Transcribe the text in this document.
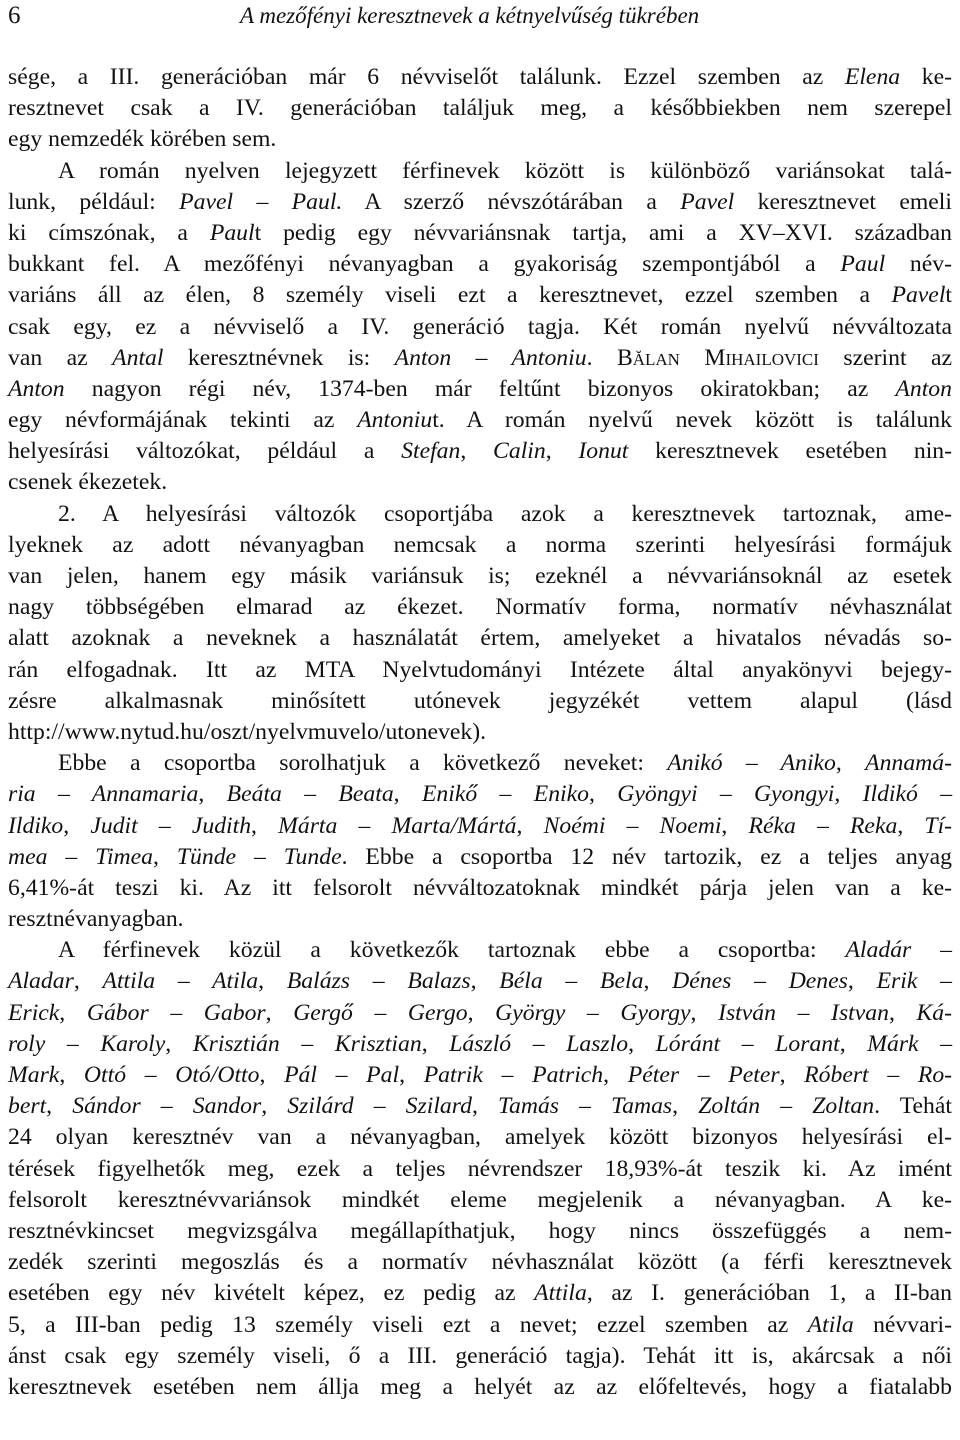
6	A mezőfényi keresztnevek a kétnyelvűség tükrében
sége, a III. generációban már 6 névviselőt találunk. Ezzel szemben az Elena ke-
resztnevet csak a IV. generációban találjuk meg, a későbbiekben nem szerepel
egy nemzedék körében sem.
A román nyelven lejegyzett férfinevek között is különböző variánsokat talá-
lunk, például: Pavel – Paul. A szerző névszótárában a Pavel keresztnevet emeli
ki címszónak, a Pault pedig egy névvariánsnak tartja, ami a XV–XVI. században
bukkant fel. A mezőfényi névanyagban a gyakoriság szempontjából a Paul név-
variáns áll az élen, 8 személy viseli ezt a keresztnevet, ezzel szemben a Pavelt
csak egy, ez a névviselő a IV. generáció tagja. Két román nyelvű névváltozata
van az Antal keresztnévnek is: Anton – Antoniu. Bălan Mihailovici szerint az
Anton nagyon régi név, 1374-ben már feltűnt bizonyos okiratokban; az Anton
egy névformájának tekinti az Antoniut. A román nyelvű nevek között is találunk
helyesírási változókat, például a Stefan, Calin, Ionut keresztnevek esetében nin-
csenek ékezetek.
2. A helyesírási változók csoportjába azok a keresztnevek tartoznak, ame-
lyeknek az adott névanyagban nemcsak a norma szerinti helyesírási formájuk
van jelen, hanem egy másik variánsuk is; ezeknél a névvariánsoknál az esetek
nagy többségében elmarad az ékezet. Normatív forma, normatív névhasználat
alatt azoknak a neveknek a használatát értem, amelyeket a hivatalos névadás so-
rán elfogadnak. Itt az MTA Nyelvtudományi Intézete által anyakönyvi bejegy-
zésre alkalmasnak minősített utónevek jegyzékét vettem alapul (lásd
http://www.nytud.hu/oszt/nyelvmuvelo/utonevek).
Ebbe a csoportba sorolhatjuk a következő neveket: Anikó – Aniko, Annamá-
ria – Annamaria, Beáta – Beata, Enikő – Eniko, Gyöngyi – Gyongyi, Ildikó –
Ildiko, Judit – Judith, Márta – Marta/Mártá, Noémi – Noemi, Réka – Reka, Tí-
mea – Timea, Tünde – Tunde. Ebbe a csoportba 12 név tartozik, ez a teljes anyag
6,41%-át teszi ki. Az itt felsorolt névváltozatoknak mindkét párja jelen van a ke-
resztnévanyagban.
A férfinevek közül a következők tartoznak ebbe a csoportba: Aladár –
Aladar, Attila – Atila, Balázs – Balazs, Béla – Bela, Dénes – Denes, Erik –
Erick, Gábor – Gabor, Gergő – Gergo, György – Gyorgy, István – Istvan, Ká-
roly – Karoly, Krisztián – Krisztian, László – Laszlo, Lóránt – Lorant, Márk –
Mark, Ottó – Otó/Otto, Pál – Pal, Patrik – Patrich, Péter – Peter, Róbert – Ro-
bert, Sándor – Sandor, Szilárd – Szilard, Tamás – Tamas, Zoltán – Zoltan. Tehát
24 olyan keresztnév van a névanyagban, amelyek között bizonyos helyesírási el-
térések figyelhetők meg, ezek a teljes névrendszer 18,93%-át teszik ki. Az imént
felsorolt keresztnévvariánsok mindkét eleme megjelenik a névanyagban. A ke-
resztnévkincset megvizsgálva megállapíthatjuk, hogy nincs összefüggés a nem-
zedék szerinti megoszlás és a normatív névhasználat között (a férfi keresztnevek
esetében egy név kivételt képez, ez pedig az Attila, az I. generációban 1, a II-ban
5, a III-ban pedig 13 személy viseli ezt a nevet; ezzel szemben az Atila névvari-
ánst csak egy személy viseli, ő a III. generáció tagja). Tehát itt is, akárcsak a női
keresztnevek esetében nem állja meg a helyét az az előfeltevés, hogy a fiatalabb
